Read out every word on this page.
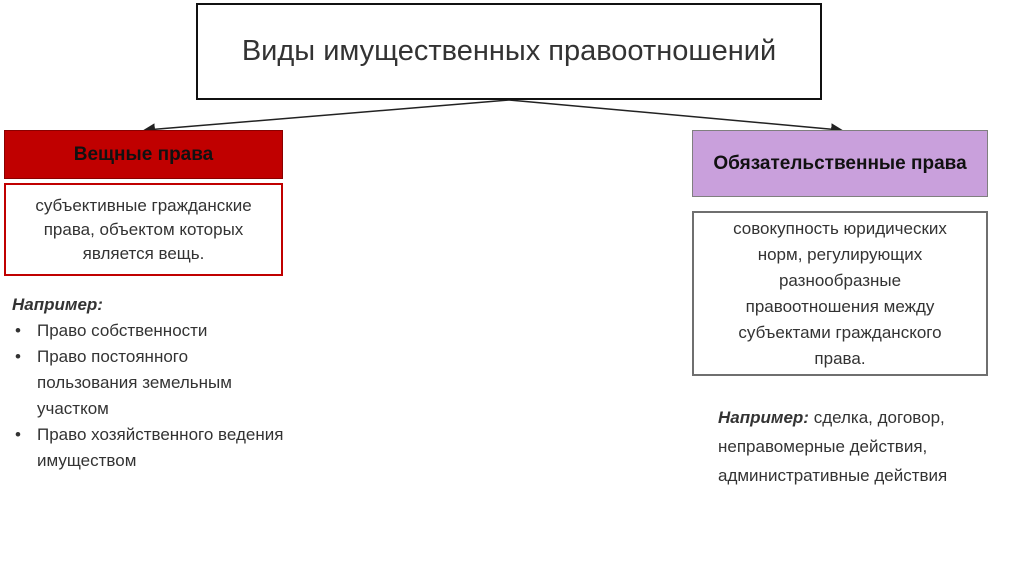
Виды имущественных правоотношений
Вещные права
субъективные гражданские права, объектом которых является вещь.
Например:
• Право собственности
• Право постоянного пользования земельным участком
• Право хозяйственного ведения имуществом
Обязательственные права
совокупность юридических норм, регулирующих разнообразные правоотношения между субъектами гражданского права.
Например: сделка, договор, неправомерные действия, административные действия
